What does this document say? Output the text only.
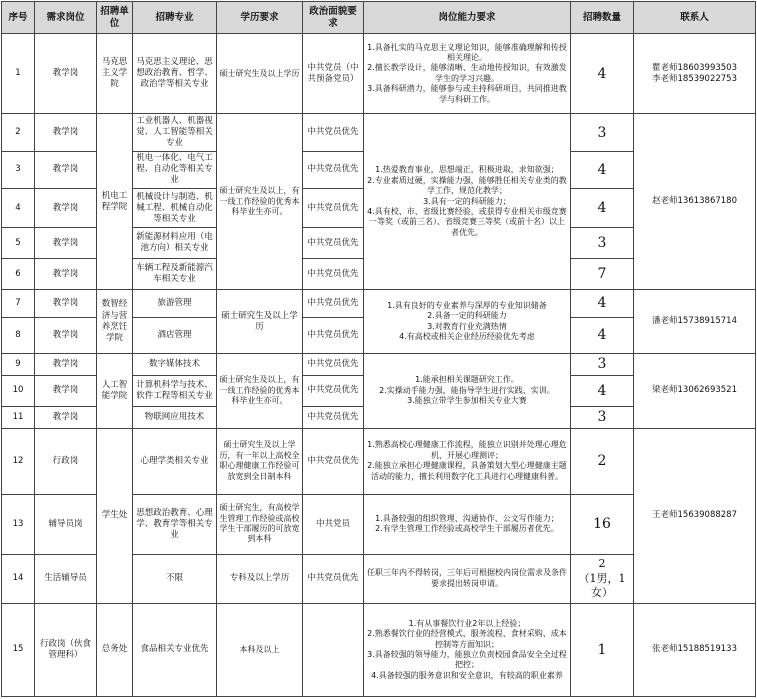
序号	需求岗位	招聘单位	招聘专业	学历要求	政治面貌要求	岗位能力要求	招聘数量	联系人
1	教学岗	马克思主义学院	马克思主义理论、思想政治教育、哲学、政治学等相关专业	硕士研究生及以上学历	中共党员（中共预备党员）	1.具备扎实的马克思主义理论知识，能够准确理解和传授相关理论。
2.擅长教学设计，能够清晰、生动地传授知识，有效激发学生的学习兴趣。
3.具备科研潜力，能够参与或主持科研项目，共同推进教学与科研工作。	4	瞿老师18603993503
李老师18539022753
2	教学岗	机电工程学院	工业机器人、机器视觉、人工智能等相关专业	硕士研究生及以上，有一线工作经验的优秀本科毕业生亦可。	中共党员优先	1.热爱教育事业，思想端正，积极进取，求知欲强；
2.专业素质过硬，实操能力强，能够胜任相关专业类的教学工作，规范化教学；
3.具有一定的科研能力；
4.具有校、市、省级比赛经验，或获得专业相关市级竞赛一等奖（或前三名）、省级竞赛三等奖（或前十名）以上者优先。	3	赵老师13613867180
3	教学岗		机电一体化、电气工程、自动化等相关专业		中共党员优先		4	
4	教学岗		机械设计与制造、机械工程、机械自动化等相关专业		中共党员优先		4	
5	教学岗		新能源材料应用（电池方向）相关专业		中共党员优先		3	
6	教学岗		车辆工程及新能源汽车相关专业		中共党员优先		7	
7	教学岗	数智经济与营养烹饪学院	旅游管理	硕士研究生及以上学历	中共党员优先	1.具有良好的专业素养与深厚的专业知识储备
2.具备一定的科研能力
3.对教育行业充满热情
4.有高校或相关企业经历经验优先考虑	4	潘老师15738915714
8	教学岗		酒店管理		中共党员优先		4	
9	教学岗	人工智能学院	数字媒体技术	硕士研究生及以上，有一线工作经验的优秀本科毕业生亦可。	中共党员优先	1.能承担相关课题研究工作。
2.实操动手能力强，能指导学生进行实践、实训。
3.能独立带学生参加相关专业大赛	3	梁老师13062693521
10	教学岗		计算机科学与技术、软件工程等相关专业		中共党员优先		4	
11	教学岗		物联网应用技术		中共党员优先		3	
12	行政岗	学生处	心理学类相关专业	硕士研究生及以上学历，有一年以上高校全职心理健康工作经验可放宽到全日制本科	中共党员优先	1.熟悉高校心理健康工作流程，能独立识别并处理心理危机、开展心理测评；
2.能独立承担心理健康课程，具备策划大型心理健康主题活动的能力，擅长利用数字化工具进行心理健康科普。	2	王老师15639088287
13	辅导员岗		思想政治教育、心理学、教育学等相关专业	硕士研究生，有高校学生管理工作经验或高校学生干部履历的可放宽到本科	中共党员	1.具备较强的组织管理、沟通协作、公文写作能力；
2.有学生管理工作经验或高校学生干部履历者优先。	16	
14	生活辅导员		不限	专科及以上学历	中共党员优先	任职三年内不得转岗，三年后可根据校内岗位需求及条件要求提出转岗申请。	2
（1男，1女）	
15	行政岗（伙食管理科）	总务处	食品相关专业优先	本科及以上		1.有从事餐饮行业2年以上经验；
2.熟悉餐饮行业的经营模式、服务流程、食材采购、成本控制等方面知识；
3.具备较强的领导能力，能独立负责校园食品安全全过程把控；
4.具备较强的服务意识和安全意识，有较高的职业素养	1	张老师15188519133
